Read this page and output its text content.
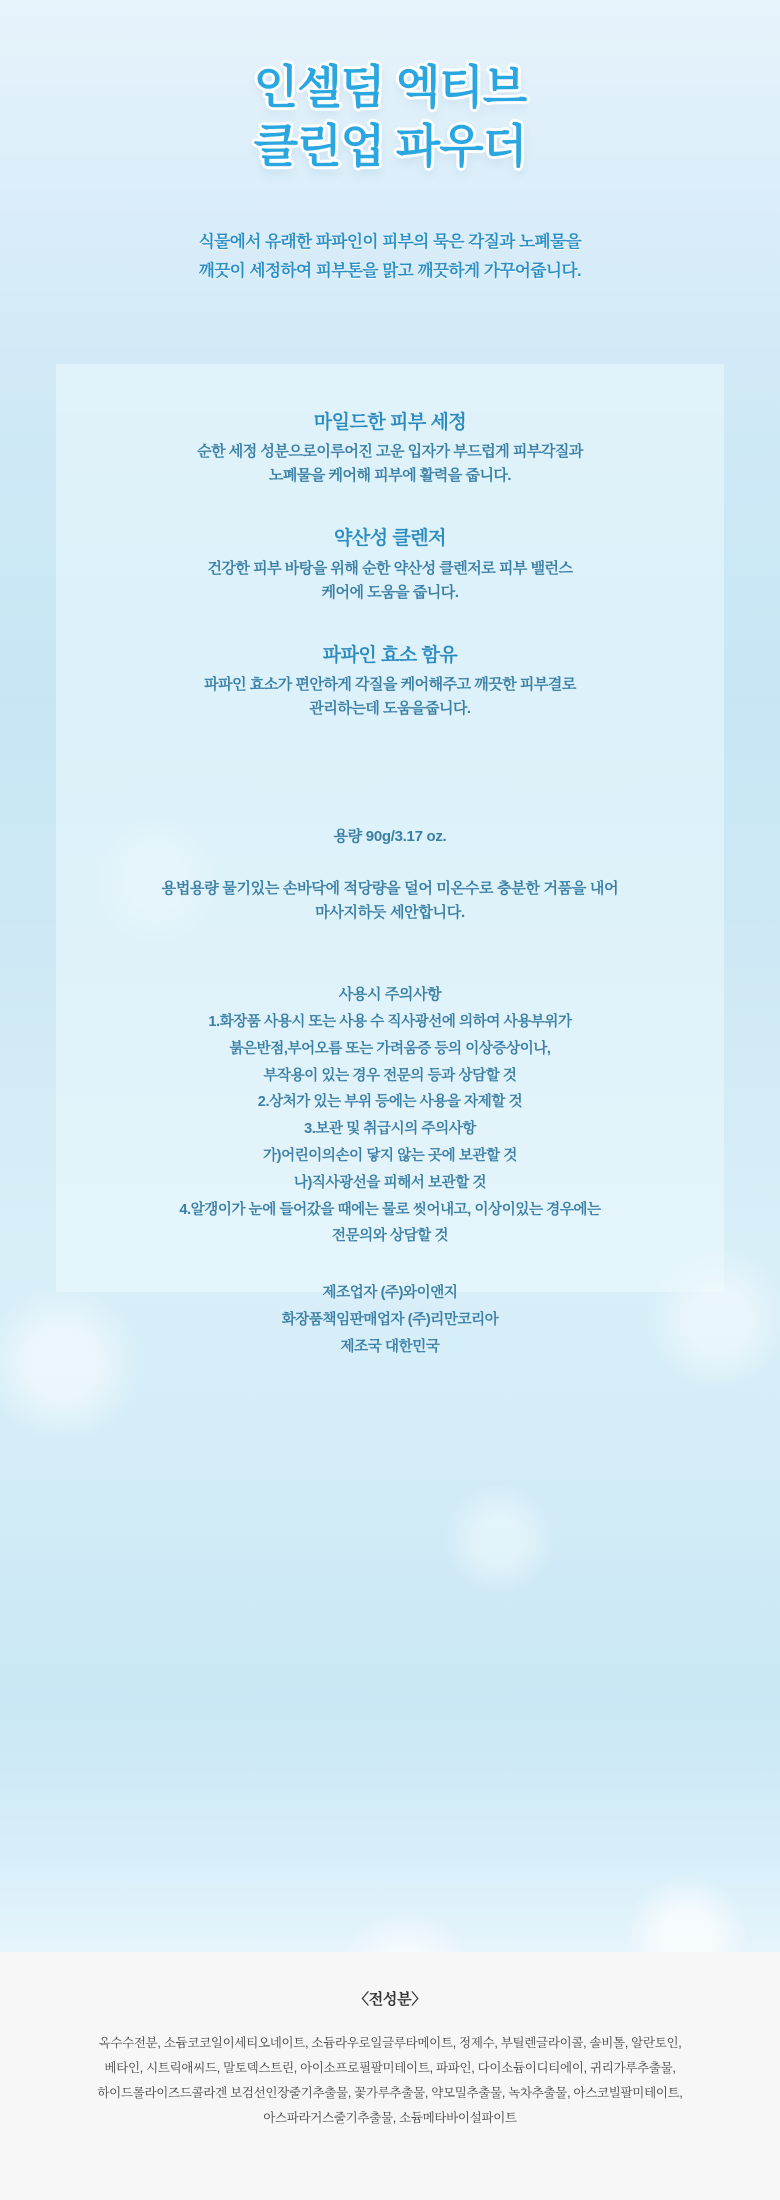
인셀덤 엑티브
클린업 파우더
식물에서 유래한 파파인이 피부의 묵은 각질과 노폐물을
깨끗이 세정하여 피부톤을 맑고 깨끗하게 가꾸어줍니다.
마일드한 피부 세정
순한 세정 성분으로이루어진 고운 입자가 부드럽게 피부각질과
노폐물을 케어해 피부에 활력을 줍니다.
약산성 클렌저
건강한 피부 바탕을 위해 순한 약산성 클렌저로 피부 밸런스
케어에 도움을 줍니다.
파파인 효소 함유
파파인 효소가 편안하게 각질을 케어해주고 깨끗한 피부결로
관리하는데 도움을줍니다.
용량 90g/3.17 oz.
용법용량 물기있는 손바닥에 적당량을 덜어 미온수로 충분한 거품을 내어
마사지하듯 세안합니다.
사용시 주의사항
1.화장품 사용시 또는 사용 수 직사광선에 의하여 사용부위가
붉은반점,부어오름 또는 가려움증 등의 이상증상이나,
부작용이 있는 경우 전문의 등과 상담할 것
2.상처가 있는 부위 등에는 사용을 자제할 것
3.보관 및 취급시의 주의사항
가)어린이의손이 닿지 않는 곳에 보관할 것
나)직사광선을 피해서 보관할 것
4.알갱이가 눈에 들어갔을 때에는 물로 씻어내고, 이상이있는 경우에는
전문의와 상담할 것
제조업자 (주)와이앤지
화장품책임판매업자 (주)리만코리아
제조국 대한민국
〈전성분〉
옥수수전분, 소듐코코일이세티오네이트, 소듐라우로일글루타메이트, 정제수, 부틸렌글라이콜, 솔비톨, 알란토인,
베타인, 시트릭애씨드, 말토덱스트린, 아이소프로필팔미테이트, 파파인, 다이소듐이디티에이, 귀리가루추출물,
하이드롤라이즈드콜라겐 보검선인장줄기추출물, 꽃가루추출물, 약모밀추출물, 녹차추출물, 아스코빌팔미테이트,
아스파라거스줄기추출물, 소듐메타바이설파이트
